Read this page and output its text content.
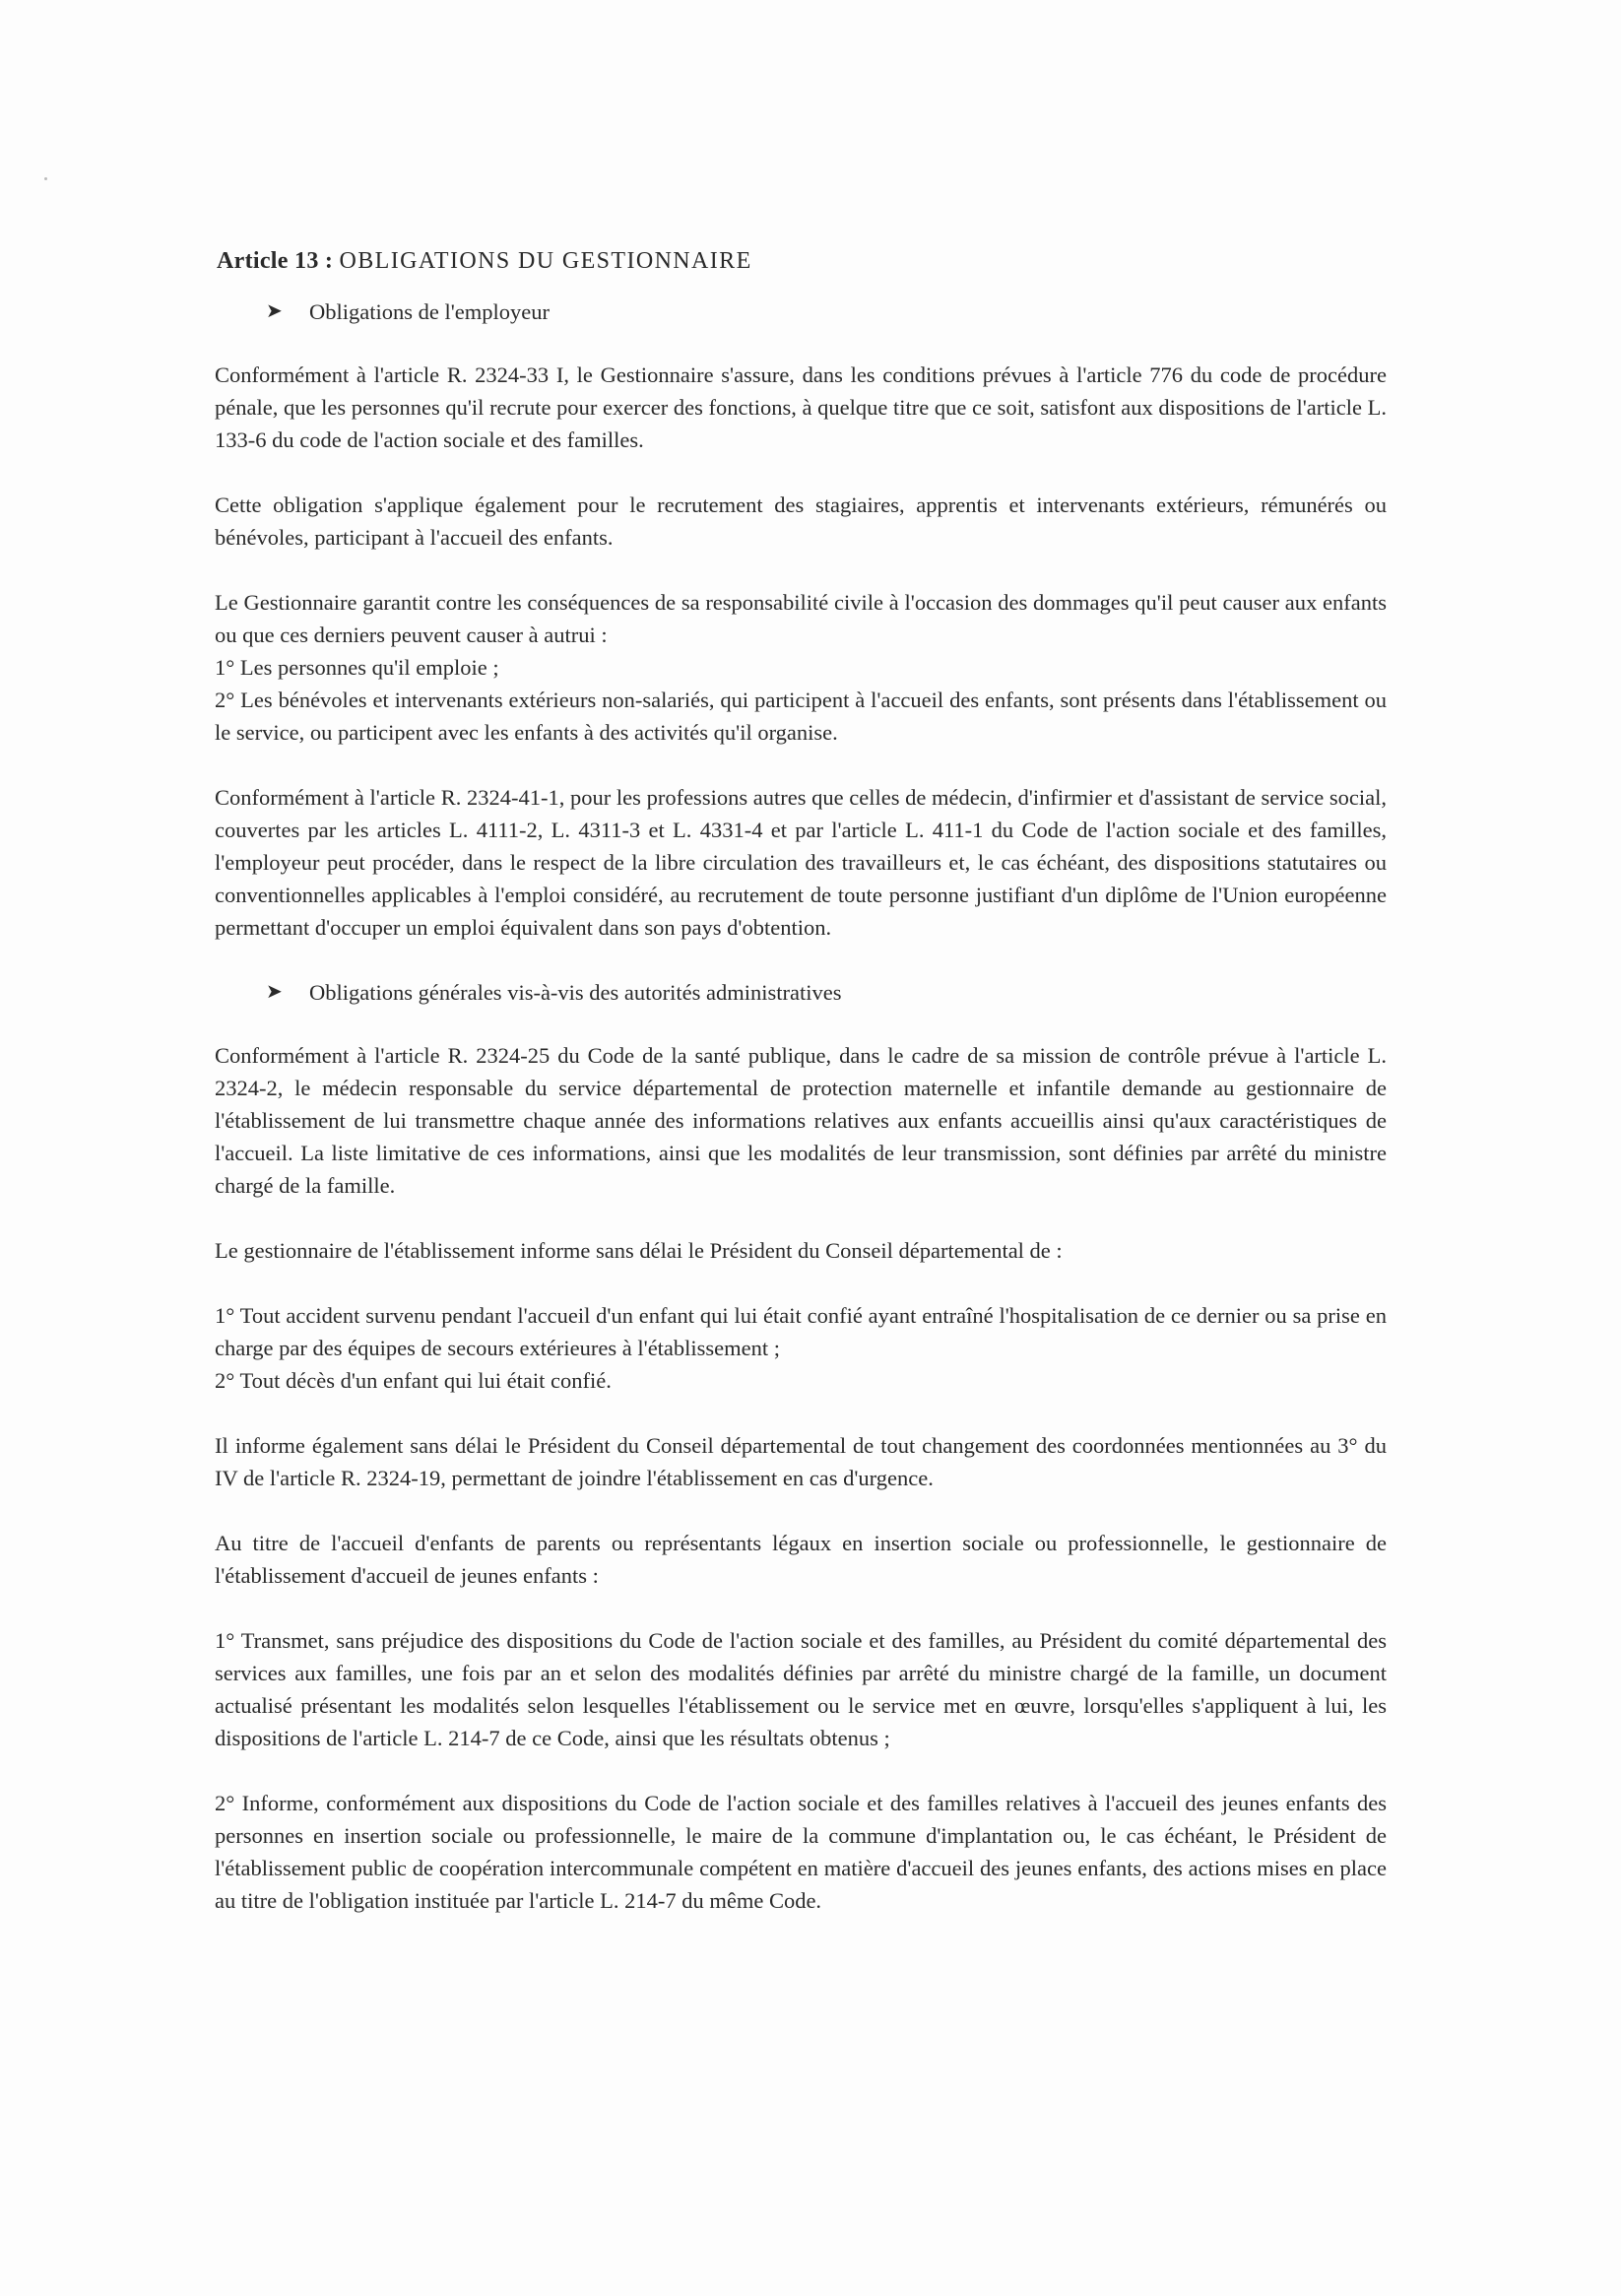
Article 13 : OBLIGATIONS DU GESTIONNAIRE
➤	Obligations de l'employeur
Conformément à l'article R. 2324-33 I, le Gestionnaire s'assure, dans les conditions prévues à l'article 776 du code de procédure pénale, que les personnes qu'il recrute pour exercer des fonctions, à quelque titre que ce soit, satisfont aux dispositions de l'article L. 133-6 du code de l'action sociale et des familles.
Cette obligation s'applique également pour le recrutement des stagiaires, apprentis et intervenants extérieurs, rémunérés ou bénévoles, participant à l'accueil des enfants.
Le Gestionnaire garantit contre les conséquences de sa responsabilité civile à l'occasion des dommages qu'il peut causer aux enfants ou que ces derniers peuvent causer à autrui :
1° Les personnes qu'il emploie ;
2° Les bénévoles et intervenants extérieurs non-salariés, qui participent à l'accueil des enfants, sont présents dans l'établissement ou le service, ou participent avec les enfants à des activités qu'il organise.
Conformément à l'article R. 2324-41-1, pour les professions autres que celles de médecin, d'infirmier et d'assistant de service social, couvertes par les articles L. 4111-2, L. 4311-3 et L. 4331-4 et par l'article L. 411-1 du Code de l'action sociale et des familles, l'employeur peut procéder, dans le respect de la libre circulation des travailleurs et, le cas échéant, des dispositions statutaires ou conventionnelles applicables à l'emploi considéré, au recrutement de toute personne justifiant d'un diplôme de l'Union européenne permettant d'occuper un emploi équivalent dans son pays d'obtention.
➤	Obligations générales vis-à-vis des autorités administratives
Conformément à l'article R. 2324-25 du Code de la santé publique, dans le cadre de sa mission de contrôle prévue à l'article L. 2324-2, le médecin responsable du service départemental de protection maternelle et infantile demande au gestionnaire de l'établissement de lui transmettre chaque année des informations relatives aux enfants accueillis ainsi qu'aux caractéristiques de l'accueil. La liste limitative de ces informations, ainsi que les modalités de leur transmission, sont définies par arrêté du ministre chargé de la famille.
Le gestionnaire de l'établissement informe sans délai le Président du Conseil départemental de :
1° Tout accident survenu pendant l'accueil d'un enfant qui lui était confié ayant entraîné l'hospitalisation de ce dernier ou sa prise en charge par des équipes de secours extérieures à l'établissement ;
2° Tout décès d'un enfant qui lui était confié.
Il informe également sans délai le Président du Conseil départemental de tout changement des coordonnées mentionnées au 3° du IV de l'article R. 2324-19, permettant de joindre l'établissement en cas d'urgence.
Au titre de l'accueil d'enfants de parents ou représentants légaux en insertion sociale ou professionnelle, le gestionnaire de l'établissement d'accueil de jeunes enfants :
1° Transmet, sans préjudice des dispositions du Code de l'action sociale et des familles, au Président du comité départemental des services aux familles, une fois par an et selon des modalités définies par arrêté du ministre chargé de la famille, un document actualisé présentant les modalités selon lesquelles l'établissement ou le service met en œuvre, lorsqu'elles s'appliquent à lui, les dispositions de l'article L. 214-7 de ce Code, ainsi que les résultats obtenus ;
2° Informe, conformément aux dispositions du Code de l'action sociale et des familles relatives à l'accueil des jeunes enfants des personnes en insertion sociale ou professionnelle, le maire de la commune d'implantation ou, le cas échéant, le Président de l'établissement public de coopération intercommunale compétent en matière d'accueil des jeunes enfants, des actions mises en place au titre de l'obligation instituée par l'article L. 214-7 du même Code.
